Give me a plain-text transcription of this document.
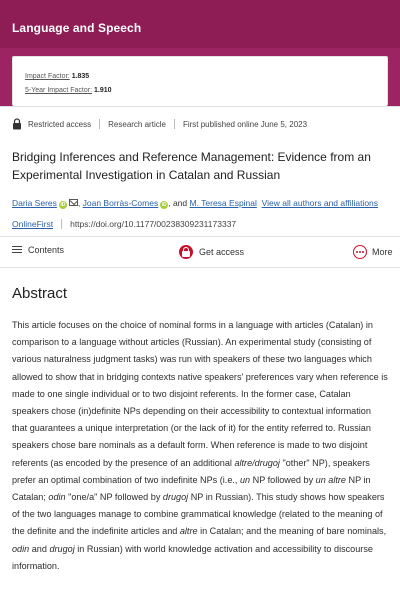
Language and Speech
Impact Factor: 1.835
5-Year Impact Factor: 1.910
Restricted access Research article First published online June 5, 2023
Bridging Inferences and Reference Management: Evidence from an Experimental Investigation in Catalan and Russian
Daria Seres iD , Joan Borràs-Comes iD , and M. Teresa Espinal View all authors and affiliations
OnlineFirst https://doi.org/10.1177/00238309231173337
Contents	Get access	More
Abstract
This article focuses on the choice of nominal forms in a language with articles (Catalan) in comparison to a language without articles (Russian). An experimental study (consisting of various naturalness judgment tasks) was run with speakers of these two languages which allowed to show that in bridging contexts native speakers' preferences vary when reference is made to one single individual or to two disjoint referents. In the former case, Catalan speakers chose (in)definite NPs depending on their accessibility to contextual information that guarantees a unique interpretation (or the lack of it) for the entity referred to. Russian speakers chose bare nominals as a default form. When reference is made to two disjoint referents (as encoded by the presence of an additional altre/drugoj "other" NP), speakers prefer an optimal combination of two indefinite NPs (i.e., un NP followed by un altre NP in Catalan; odin "one/a" NP followed by drugoj NP in Russian). This study shows how speakers of the two languages manage to combine grammatical knowledge (related to the meaning of the definite and the indefinite articles and altre in Catalan; and the meaning of bare nominals, odin and drugoj in Russian) with world knowledge activation and accessibility to discourse information.
